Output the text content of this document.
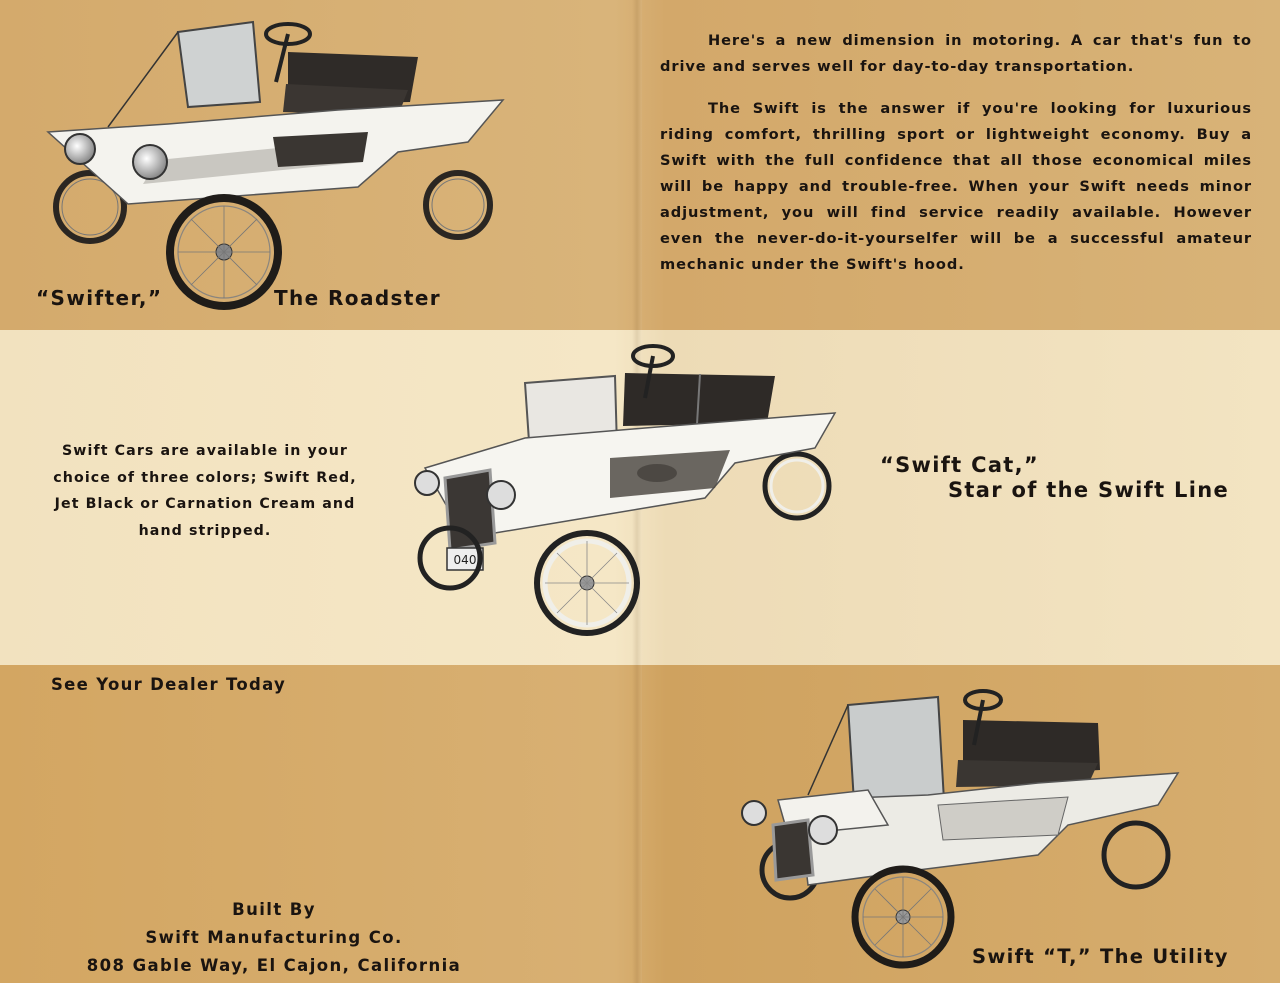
Here's a new dimension in motoring. A car that's fun to drive and serves well for day-to-day transportation.

The Swift is the answer if you're looking for luxurious riding comfort, thrilling sport or lightweight economy. Buy a Swift with the full confidence that all those economical miles will be happy and trouble-free. When your Swift needs minor adjustment, you will find service readily available. However even the never-do-it-yourselfer will be a successful amateur mechanic under the Swift's hood.

“Swifter,”	The Roadster
040
“Swift Cat,”
Star of the Swift Line
Swift Cars are available in your choice of three colors; Swift Red, Jet Black or Carnation Cream and hand stripped.
See Your Dealer Today
Built By
Swift Manufacturing Co.
808 Gable Way, El Cajon, California	Swift “T,” The Utility
